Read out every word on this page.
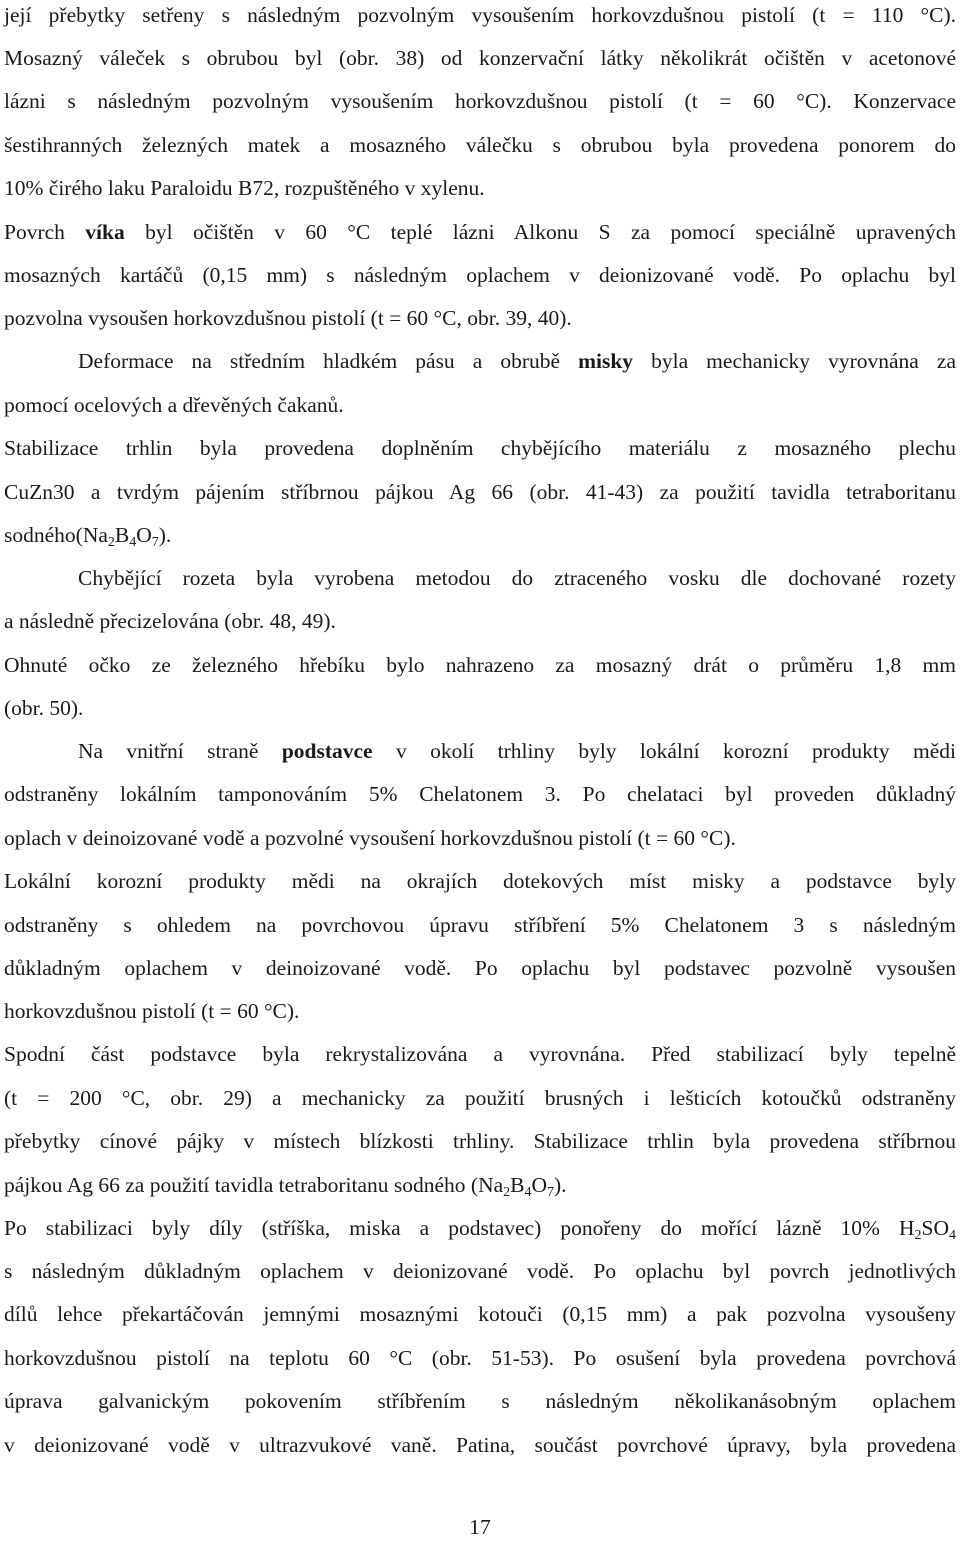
její přebytky setřeny s následným pozvolným vysoušením horkovzdušnou pistolí (t = 110 °C).
Mosazný váleček s obrubou byl (obr. 38) od konzervační látky několikrát očištěn v acetonové
lázni s následným pozvolným vysoušením horkovzdušnou pistolí (t = 60 °C). Konzervace
šestihranných železných matek a mosazného válečku s obrubou byla provedena ponorem do
10% čirého laku Paraloidu B72, rozpuštěného v xylenu.
Povrch víka byl očištěn v 60 °C teplé lázni Alkonu S za pomocí speciálně upravených
mosazných kartáčů (0,15 mm) s následným oplachem v deionizované vodě. Po oplachu byl
pozvolna vysoušen horkovzdušnou pistolí (t = 60 °C, obr. 39, 40).
Deformace na středním hladkém pásu a obrubě misky byla mechanicky vyrovnána za
pomocí ocelových a dřevěných čakanů.
Stabilizace trhlin byla provedena doplněním chybějícího materiálu z mosazného plechu
CuZn30 a tvrdým pájením stříbrnou pájkou Ag 66 (obr. 41-43) za použití tavidla tetraboritanu
$sodného(Na_2B_4O_7)$.
Chybějící rozeta byla vyrobena metodou do ztraceného vosku dle dochované rozety
a následně přecizelována (obr. 48, 49).
Ohnuté očko ze železného hřebíku bylo nahrazeno za mosazný drát o průměru 1,8 mm
(obr. 50).
Na vnitřní straně podstavce v okolí trhliny byly lokální korozní produkty mědi
odstraněny lokálním tamponováním 5% Chelatonem 3. Po chelataci byl proveden důkladný
oplach v deinoizované vodě a pozvolné vysoušení horkovzdušnou pistolí (t = 60 °C).
Lokální korozní produkty mědi na okrajích dotekových míst misky a podstavce byly
odstraněny s ohledem na povrchovou úpravu stříbření 5% Chelatonem 3 s následným
důkladným oplachem v deinoizované vodě. Po oplachu byl podstavec pozvolně vysoušen
horkovzdušnou pistolí (t = 60 °C).
Spodní část podstavce byla rekrystalizována a vyrovnána. Před stabilizací byly tepelně
(t = 200 °C, obr. 29) a mechanicky za použití brusných i lešticích kotoučků odstraněny
přebytky cínové pájky v místech blízkosti trhliny. Stabilizace trhlin byla provedena stříbrnou
pájkou Ag 66 za použití tavidla tetraboritanu sodného $(Na_2B_4O_7)$.
Po stabilizaci byly díly (stříška, miska a podstavec) ponořeny do mořící lázně 10% $H_2SO_4$
s následným důkladným oplachem v deionizované vodě. Po oplachu byl povrch jednotlivých
dílů lehce překartáčován jemnými mosaznými kotouči (0,15 mm) a pak pozvolna vysoušeny
horkovzdušnou pistolí na teplotu 60 °C (obr. 51-53). Po osušení byla provedena povrchová
úprava galvanickým pokovením stříbřením s následným několikanásobným oplachem
v deionizované vodě v ultrazvukové vaně. Patina, součást povrchové úpravy, byla provedena
17
